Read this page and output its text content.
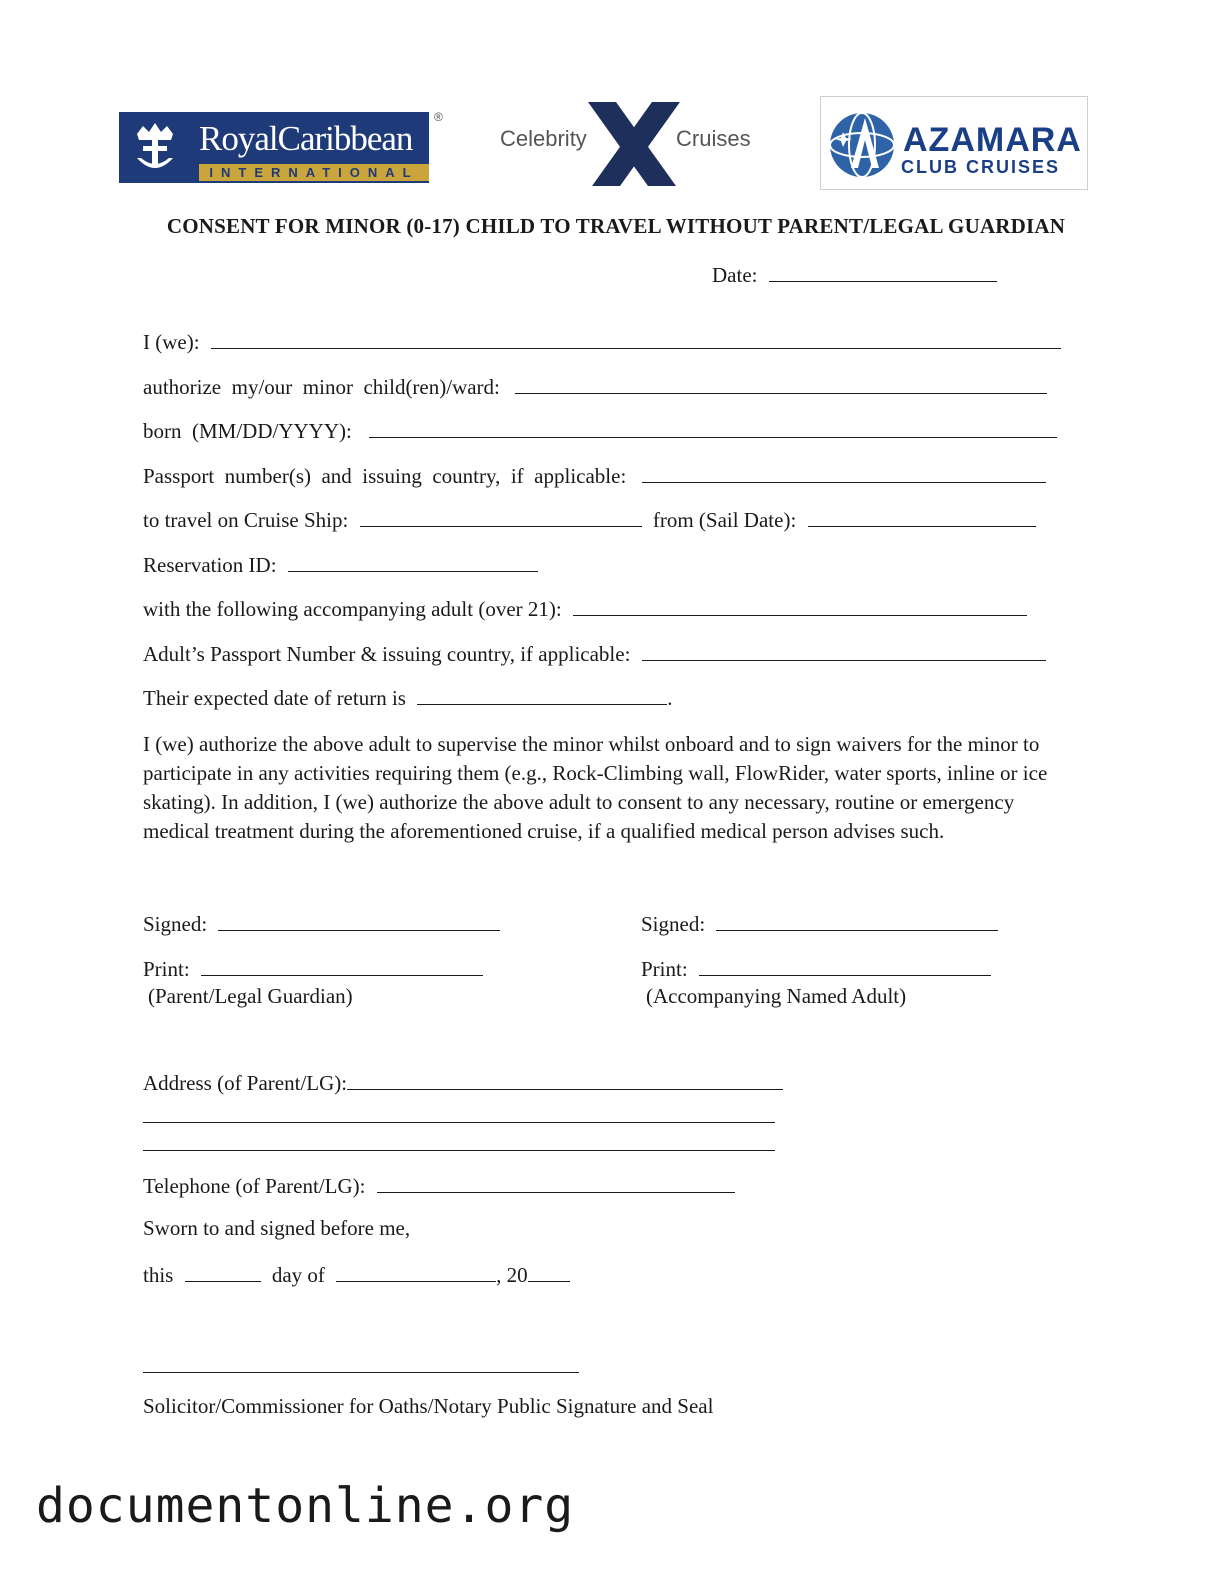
RoyalCaribbean
INTERNATIONAL
®
Celebrity	Cruises	AZAMARA
CLUB CRUISES
CONSENT FOR MINOR (0-17) CHILD TO TRAVEL WITHOUT PARENT/LEGAL GUARDIAN
Date:
I (we):
authorize  my/our  minor  child(ren)/ward:
born  (MM/DD/YYYY):
Passport  number(s)  and  issuing  country,  if  applicable:
to travel on Cruise Ship:	from (Sail Date):
Reservation ID:
with the following accompanying adult (over 21):
Adult’s Passport Number & issuing country, if applicable:
Their expected date of return is	.
I (we) authorize the above adult to supervise the minor whilst onboard and to sign waivers for the minor to participate in any activities requiring them (e.g., Rock-Climbing wall, FlowRider, water sports, inline or ice skating). In addition, I (we) authorize the above adult to consent to any necessary, routine or emergency medical treatment during the aforementioned cruise, if a qualified medical person advises such.
Signed:
Print:
(Parent/Legal Guardian)
Signed:
Print:
(Accompanying Named Adult)
Address (of Parent/LG):
Telephone (of Parent/LG):
Sworn to and signed before me,
this	day of	, 20
Solicitor/Commissioner for Oaths/Notary Public Signature and Seal
documentonline.org
